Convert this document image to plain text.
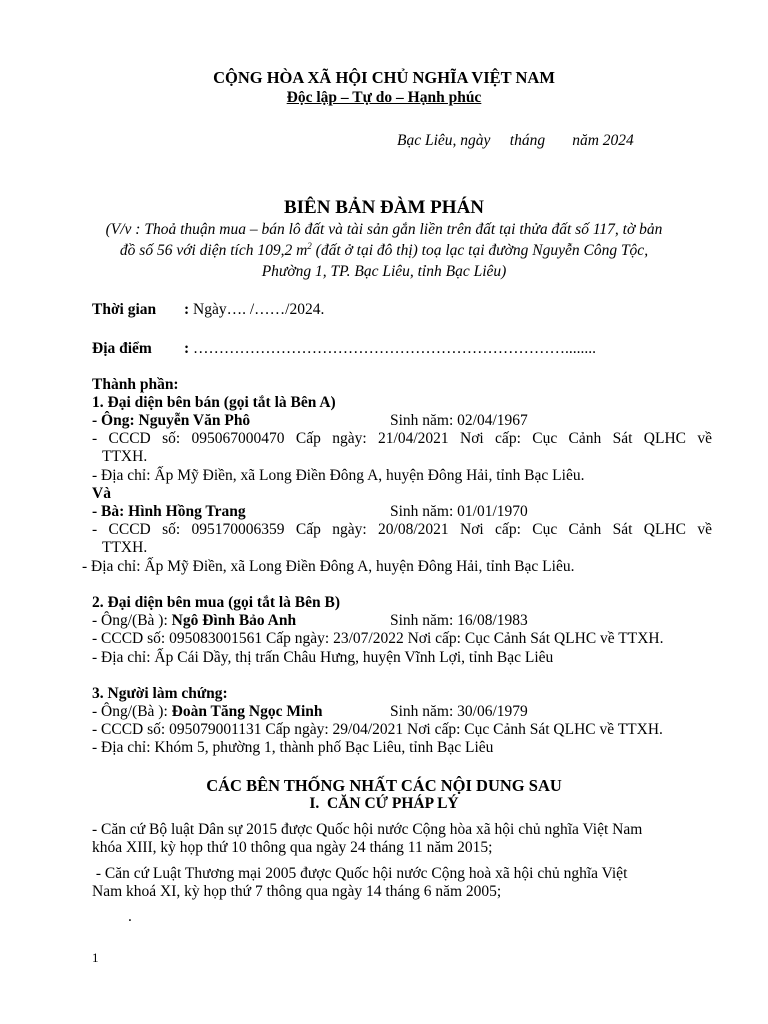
CỘNG HÒA XÃ HỘI CHỦ NGHĨA VIỆT NAM
Độc lập – Tự do – Hạnh phúc
Bạc Liêu, ngày     tháng       năm 2024
BIÊN BẢN ĐÀM PHÁN
(V/v : Thoả thuận mua – bán lô đất và tài sản gắn liền trên đất tại thửa đất số 117, tờ bản
đồ số 56 với diện tích 109,2 $m^2$ (đất ở tại đô thị) toạ lạc tại đường Nguyễn Công Tộc,
Phường 1, TP. Bạc Liêu, tỉnh Bạc Liêu)
Thời gian : Ngày…. /……/2024.
Địa điểm : ………………………………………………………………........
Thành phần:
1. Đại diện bên bán (gọi tắt là Bên A)
- Ông: Nguyễn Văn Phô	Sinh năm: 02/04/1967
- CCCD số: 095067000470 Cấp ngày: 21/04/2021 Nơi cấp: Cục Cảnh Sát QLHC về
TTXH.
- Địa chỉ: Ấp Mỹ Điền, xã Long Điền Đông A, huyện Đông Hải, tỉnh Bạc Liêu.
Và
- Bà: Hình Hồng Trang	Sinh năm: 01/01/1970
- CCCD số: 095170006359 Cấp ngày: 20/08/2021 Nơi cấp: Cục Cảnh Sát QLHC về
TTXH.
- Địa chỉ: Ấp Mỹ Điền, xã Long Điền Đông A, huyện Đông Hải, tỉnh Bạc Liêu.
2. Đại diện bên mua (gọi tắt là Bên B)
- Ông/(Bà ): Ngô Đình Bảo Anh	Sinh năm: 16/08/1983
- CCCD số: 095083001561 Cấp ngày: 23/07/2022 Nơi cấp: Cục Cảnh Sát QLHC về TTXH.
- Địa chỉ: Ấp Cái Dầy, thị trấn Châu Hưng, huyện Vĩnh Lợi, tỉnh Bạc Liêu
3. Người làm chứng:
- Ông/(Bà ): Đoàn Tăng Ngọc Minh	Sinh năm: 30/06/1979
- CCCD số: 095079001131 Cấp ngày: 29/04/2021 Nơi cấp: Cục Cảnh Sát QLHC về TTXH.
- Địa chỉ: Khóm 5, phường 1, thành phố Bạc Liêu, tỉnh Bạc Liêu
CÁC BÊN THỐNG NHẤT CÁC NỘI DUNG SAU
I.  CĂN CỨ PHÁP LÝ
- Căn cứ Bộ luật Dân sự 2015 được Quốc hội nước Cộng hòa xã hội chủ nghĩa Việt Nam
khóa XIII, kỳ họp thứ 10 thông qua ngày 24 tháng 11 năm 2015;
- Căn cứ Luật Thương mại 2005 được Quốc hội nước Cộng hoà xã hội chủ nghĩa Việt
Nam khoá XI, kỳ họp thứ 7 thông qua ngày 14 tháng 6 năm 2005;
.
1
